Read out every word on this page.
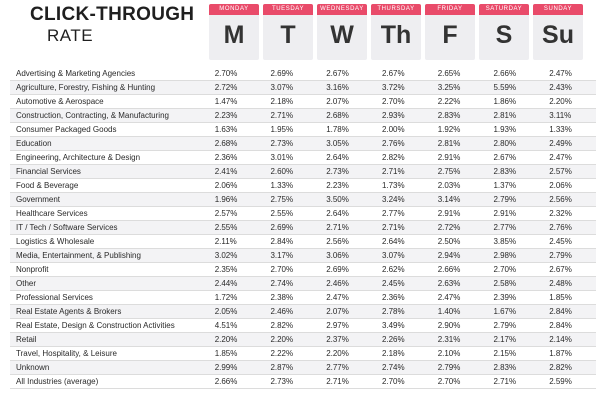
CLICK-THROUGH
RATE
MONDAY
M
TUESDAY
T
WEDNESDAY
W
THURSDAY
Th
FRIDAY
F
SATURDAY
S
SUNDAY
Su
Advertising & Marketing Agencies	2.70%	2.69%	2.67%	2.67%	2.65%	2.66%	2.47%
Agriculture, Forestry, Fishing & Hunting	2.72%	3.07%	3.16%	3.72%	3.25%	5.59%	2.43%
Automotive & Aerospace	1.47%	2.18%	2.07%	2.70%	2.22%	1.86%	2.20%
Construction, Contracting, & Manufacturing	2.23%	2.71%	2.68%	2.93%	2.83%	2.81%	3.11%
Consumer Packaged Goods	1.63%	1.95%	1.78%	2.00%	1.92%	1.93%	1.33%
Education	2.68%	2.73%	3.05%	2.76%	2.81%	2.80%	2.49%
Engineering, Architecture & Design	2.36%	3.01%	2.64%	2.82%	2.91%	2.67%	2.47%
Financial Services	2.41%	2.60%	2.73%	2.71%	2.75%	2.83%	2.57%
Food & Beverage	2.06%	1.33%	2.23%	1.73%	2.03%	1.37%	2.06%
Government	1.96%	2.75%	3.50%	3.24%	3.14%	2.79%	2.56%
Healthcare Services	2.57%	2.55%	2.64%	2.77%	2.91%	2.91%	2.32%
IT / Tech / Software Services	2.55%	2.69%	2.71%	2.71%	2.72%	2.77%	2.76%
Logistics & Wholesale	2.11%	2.84%	2.56%	2.64%	2.50%	3.85%	2.45%
Media, Entertainment, & Publishing	3.02%	3.17%	3.06%	3.07%	2.94%	2.98%	2.79%
Nonprofit	2.35%	2.70%	2.69%	2.62%	2.66%	2.70%	2.67%
Other	2.44%	2.74%	2.46%	2.45%	2.63%	2.58%	2.48%
Professional Services	1.72%	2.38%	2.47%	2.36%	2.47%	2.39%	1.85%
Real Estate Agents & Brokers	2.05%	2.46%	2.07%	2.78%	1.40%	1.67%	2.84%
Real Estate, Design & Construction Activities	4.51%	2.82%	2.97%	3.49%	2.90%	2.79%	2.84%
Retail	2.20%	2.20%	2.37%	2.26%	2.31%	2.17%	2.14%
Travel, Hospitality, & Leisure	1.85%	2.22%	2.20%	2.18%	2.10%	2.15%	1.87%
Unknown	2.99%	2.87%	2.77%	2.74%	2.79%	2.83%	2.82%
All Industries (average)	2.66%	2.73%	2.71%	2.70%	2.70%	2.71%	2.59%
